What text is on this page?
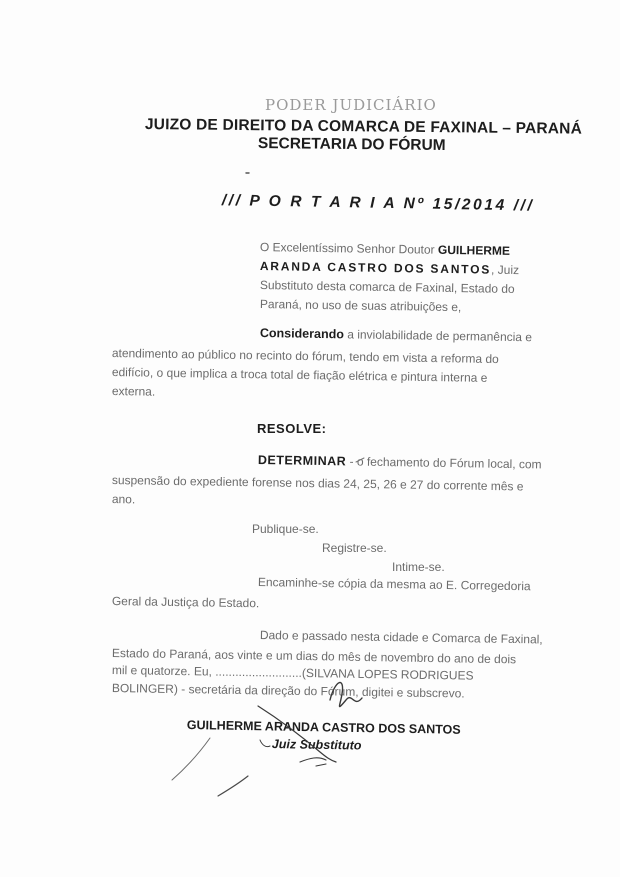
PODER JUDICIÁRIO
JUIZO DE DIREITO DA COMARCA DE FAXINAL – PARANÁ
SECRETARIA DO FÓRUM
/// P O R T A R I A Nº 15/2014 ///
O Excelentíssimo Senhor Doutor GUILHERME
ARANDA CASTRO DOS SANTOS, Juiz
Substituto desta comarca de Faxinal, Estado do
Paraná, no uso de suas atribuições e,
Considerando a inviolabilidade de permanência e
atendimento ao público no recinto do fórum, tendo em vista a reforma do
edifício, o que implica a troca total de fiação elétrica e pintura interna e
externa.
RESOLVE:
DETERMINAR - o fechamento do Fórum local, com
suspensão do expediente forense nos dias 24, 25, 26 e 27 do corrente mês e
ano.
Publique-se.
Registre-se.
Intime-se.
Encaminhe-se cópia da mesma ao E. Corregedoria
Geral da Justiça do Estado.
Dado e passado nesta cidade e Comarca de Faxinal,
Estado do Paraná, aos vinte e um dias do mês de novembro do ano de dois
mil e quatorze. Eu, ..........................(SILVANA LOPES RODRIGUES
BOLINGER) - secretária da direção do Fórum, digitei e subscrevo.
GUILHERME ARANDA CASTRO DOS SANTOS
Juiz Substituto
